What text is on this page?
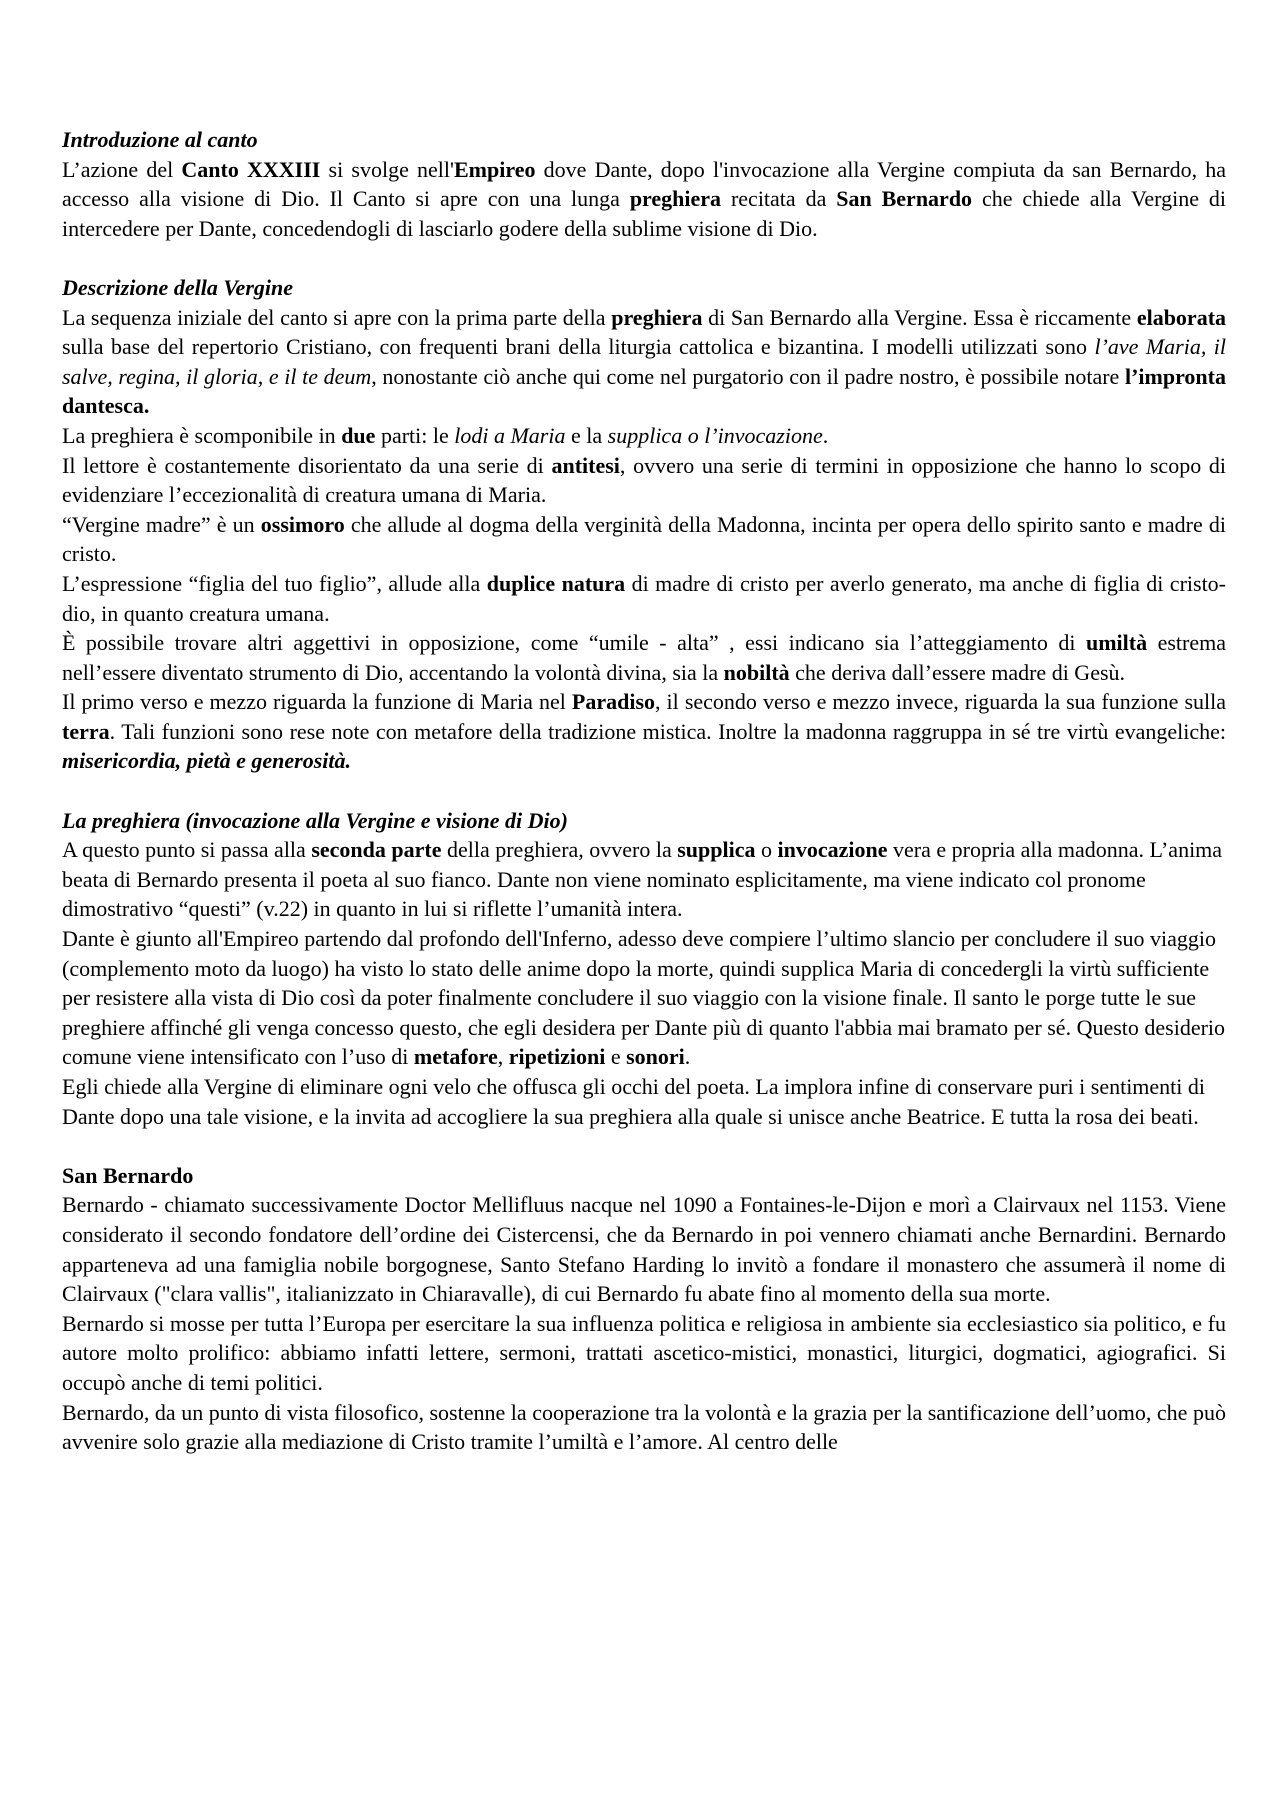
Introduzione al canto

L’azione del Canto XXXIII si svolge nell'Empireo dove Dante, dopo l'invocazione alla Vergine compiuta da san Bernardo, ha accesso alla visione di Dio. Il Canto si apre con una lunga preghiera recitata da San Bernardo che chiede alla Vergine di intercedere per Dante, concedendogli di lasciarlo godere della sublime visione di Dio.

Descrizione della Vergine

La sequenza iniziale del canto si apre con la prima parte della preghiera di San Bernardo alla Vergine. Essa è riccamente elaborata sulla base del repertorio Cristiano, con frequenti brani della liturgia cattolica e bizantina. I modelli utilizzati sono l’ave Maria, il salve, regina, il gloria, e il te deum, nonostante ciò anche qui come nel purgatorio con il padre nostro, è possibile notare l’impronta dantesca.

La preghiera è scomponibile in due parti: le lodi a Maria e la supplica o l’invocazione.

Il lettore è costantemente disorientato da una serie di antitesi, ovvero una serie di termini in opposizione che hanno lo scopo di evidenziare l’eccezionalità di creatura umana di Maria.

“Vergine madre” è un ossimoro che allude al dogma della verginità della Madonna, incinta per opera dello spirito santo e madre di cristo.

L’espressione “figlia del tuo figlio”, allude alla duplice natura di madre di cristo per averlo generato, ma anche di figlia di cristo-dio, in quanto creatura umana.

È possibile trovare altri aggettivi in opposizione, come “umile - alta” , essi indicano sia l’atteggiamento di umiltà estrema nell’essere diventato strumento di Dio, accentando la volontà divina, sia la nobiltà che deriva dall’essere madre di Gesù.

Il primo verso e mezzo riguarda la funzione di Maria nel Paradiso, il secondo verso e mezzo invece, riguarda la sua funzione sulla terra. Tali funzioni sono rese note con metafore della tradizione mistica. Inoltre la madonna raggruppa in sé tre virtù evangeliche: misericordia, pietà e generosità.

La preghiera (invocazione alla Vergine e visione di Dio)

A questo punto si passa alla seconda parte della preghiera, ovvero la supplica o invocazione vera e propria alla madonna. L’anima beata di Bernardo presenta il poeta al suo fianco. Dante non viene nominato esplicitamente, ma viene indicato col pronome dimostrativo “questi” (v.22) in quanto in lui si riflette l’umanità intera.

Dante è giunto all'Empireo partendo dal profondo dell'Inferno, adesso deve compiere l’ultimo slancio per concludere il suo viaggio (complemento moto da luogo) ha visto lo stato delle anime dopo la morte, quindi supplica Maria di concedergli la virtù sufficiente per resistere alla vista di Dio così da poter finalmente concludere il suo viaggio con la visione finale. Il santo le porge tutte le sue preghiere affinché gli venga concesso questo, che egli desidera per Dante più di quanto l'abbia mai bramato per sé. Questo desiderio comune viene intensificato con l’uso di metafore, ripetizioni e sonori.

Egli chiede alla Vergine di eliminare ogni velo che offusca gli occhi del poeta. La implora infine di conservare puri i sentimenti di Dante dopo una tale visione, e la invita ad accogliere la sua preghiera alla quale si unisce anche Beatrice. E tutta la rosa dei beati.

San Bernardo

Bernardo - chiamato successivamente Doctor Mellifluus nacque nel 1090 a Fontaines-le-Dijon e morì a Clairvaux nel 1153. Viene considerato il secondo fondatore dell’ordine dei Cistercensi, che da Bernardo in poi vennero chiamati anche Bernardini. Bernardo apparteneva ad una famiglia nobile borgognese, Santo Stefano Harding lo invitò a fondare il monastero che assumerà il nome di Clairvaux ("clara vallis", italianizzato in Chiaravalle), di cui Bernardo fu abate fino al momento della sua morte.

Bernardo si mosse per tutta l’Europa per esercitare la sua influenza politica e religiosa in ambiente sia ecclesiastico sia politico, e fu autore molto prolifico: abbiamo infatti lettere, sermoni, trattati ascetico-mistici, monastici, liturgici, dogmatici, agiografici. Si occupò anche di temi politici.

Bernardo, da un punto di vista filosofico, sostenne la cooperazione tra la volontà e la grazia per la santificazione dell’uomo, che può avvenire solo grazie alla mediazione di Cristo tramite l’umiltà e l’amore. Al centro delle
